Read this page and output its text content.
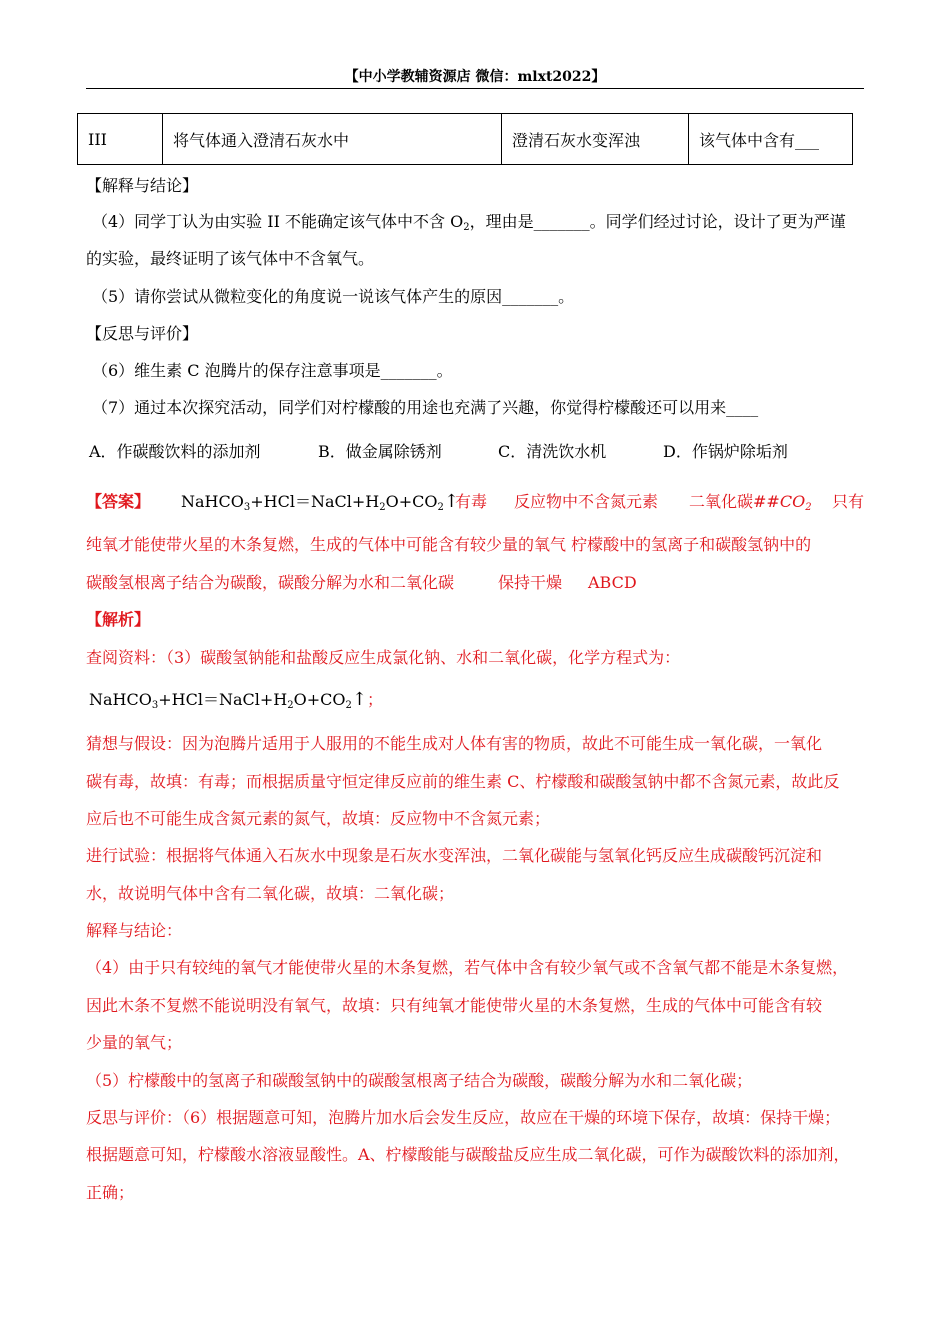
【中小学教辅资源店 微信：mlxt2022】
III	将气体通入澄清石灰水中	澄清石灰水变浑浊	该气体中含有___
【解释与结论】
（4）同学丁认为由实验 II 不能确定该气体中不含 $O_2$，理由是_______。同学们经过讨论，设计了更为严谨
的实验，最终证明了该气体中不含氧气。
（5）请你尝试从微粒变化的角度说一说该气体产生的原因_______。
【反思与评价】
（6）维生素 C 泡腾片的保存注意事项是_______。
（7）通过本次探究活动，同学们对柠檬酸的用途也充满了兴趣，你觉得柠檬酸还可以用来____
A．作碳酸饮料的添加剂	B．做金属除锈剂	C．清洗饮水机	D．作锅炉除垢剂
【答案】 $NaHCO_3+HCl=NaCl+H_2O+CO_2↑$
有毒 反应物中不含氮元素 二氧化碳$\#\#CO_2$ 只有
纯氧才能使带火星的木条复燃，生成的气体中可能含有较少量的氧气 柠檬酸中的氢离子和碳酸氢钠中的
碳酸氢根离子结合为碳酸，碳酸分解为水和二氧化碳	保持干燥 ABCD
【解析】
查阅资料：（3）碳酸氢钠能和盐酸反应生成氯化钠、水和二氧化碳，化学方程式为：
$NaHCO_3+HCl=NaCl+H_2O+CO_2↑$；
猜想与假设：因为泡腾片适用于人服用的不能生成对人体有害的物质，故此不可能生成一氧化碳，一氧化
碳有毒，故填：有毒；而根据质量守恒定律反应前的维生素 C、柠檬酸和碳酸氢钠中都不含氮元素，故此反
应后也不可能生成含氮元素的氮气，故填：反应物中不含氮元素；
进行试验：根据将气体通入石灰水中现象是石灰水变浑浊，二氧化碳能与氢氧化钙反应生成碳酸钙沉淀和
水，故说明气体中含有二氧化碳，故填：二氧化碳；
解释与结论：
（4）由于只有较纯的氧气才能使带火星的木条复燃，若气体中含有较少氧气或不含氧气都不能是木条复燃，
因此木条不复燃不能说明没有氧气，故填：只有纯氧才能使带火星的木条复燃，生成的气体中可能含有较
少量的氧气；
（5）柠檬酸中的氢离子和碳酸氢钠中的碳酸氢根离子结合为碳酸，碳酸分解为水和二氧化碳；
反思与评价：（6）根据题意可知，泡腾片加水后会发生反应，故应在干燥的环境下保存，故填：保持干燥；
根据题意可知，柠檬酸水溶液显酸性。A、柠檬酸能与碳酸盐反应生成二氧化碳，可作为碳酸饮料的添加剂，
正确；
